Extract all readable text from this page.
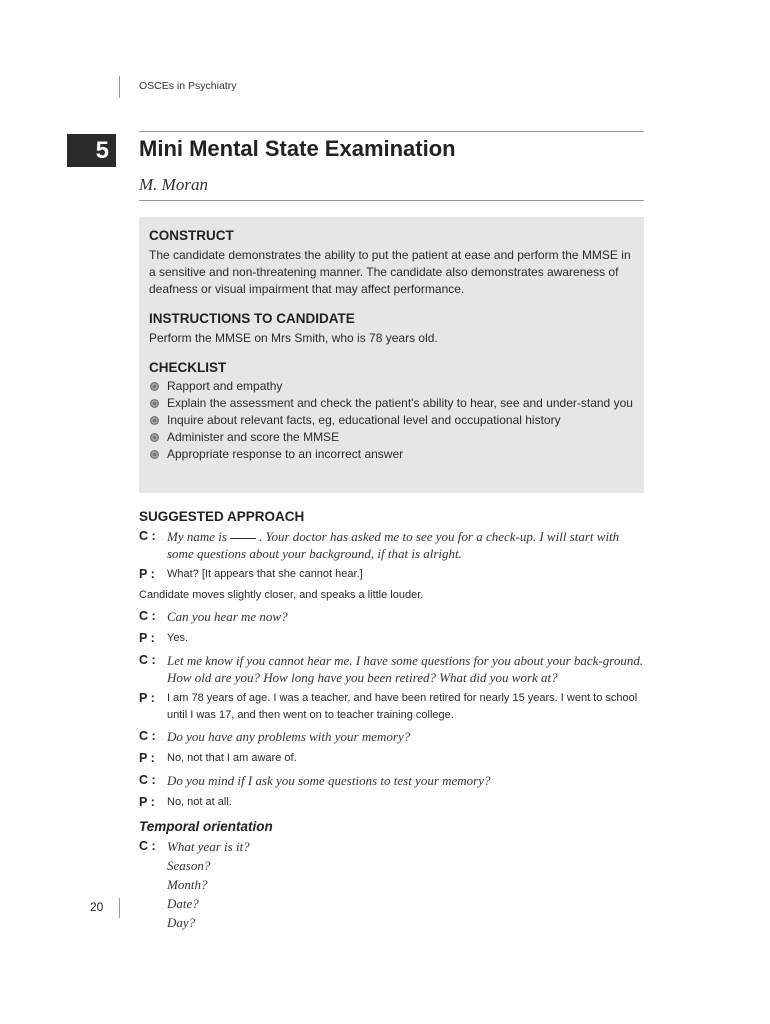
OSCEs in Psychiatry
5	Mini Mental State Examination
M. Moran

CONSTRUCT

The candidate demonstrates the ability to put the patient at ease and perform the MMSE in a sensitive and non-threatening manner. The candidate also demonstrates awareness of deafness or visual impairment that may affect performance.

INSTRUCTIONS TO CANDIDATE

Perform the MMSE on Mrs Smith, who is 78 years old.

CHECKLIST

Rapport and empathy
Explain the assessment and check the patient's ability to hear, see and under-stand you
Inquire about relevant facts, eg, educational level and occupational history
Administer and score the MMSE
Appropriate response to an incorrect answer

SUGGESTED APPROACH

C : My name is . Your doctor has asked me to see you for a check-up. I will start with some questions about your background, if that is alright.
P :	What? [It appears that she cannot hear.]

Candidate moves slightly closer, and speaks a little louder.

C : Can you hear me now?
P :	Yes.
C : Let me know if you cannot hear me. I have some questions for you about your back-ground. How old are you? How long have you been retired? What did you work at?
P :	I am 78 years of age. I was a teacher, and have been retired for nearly 15 years. I went to school until I was 17, and then went on to teacher training college.
C : Do you have any problems with your memory?
P :	No, not that I am aware of.
C : Do you mind if I ask you some questions to test your memory?
P :	No, not at all.

Temporal orientation

C : What year is it?
Season?
Month?
Date?
Day?
20
